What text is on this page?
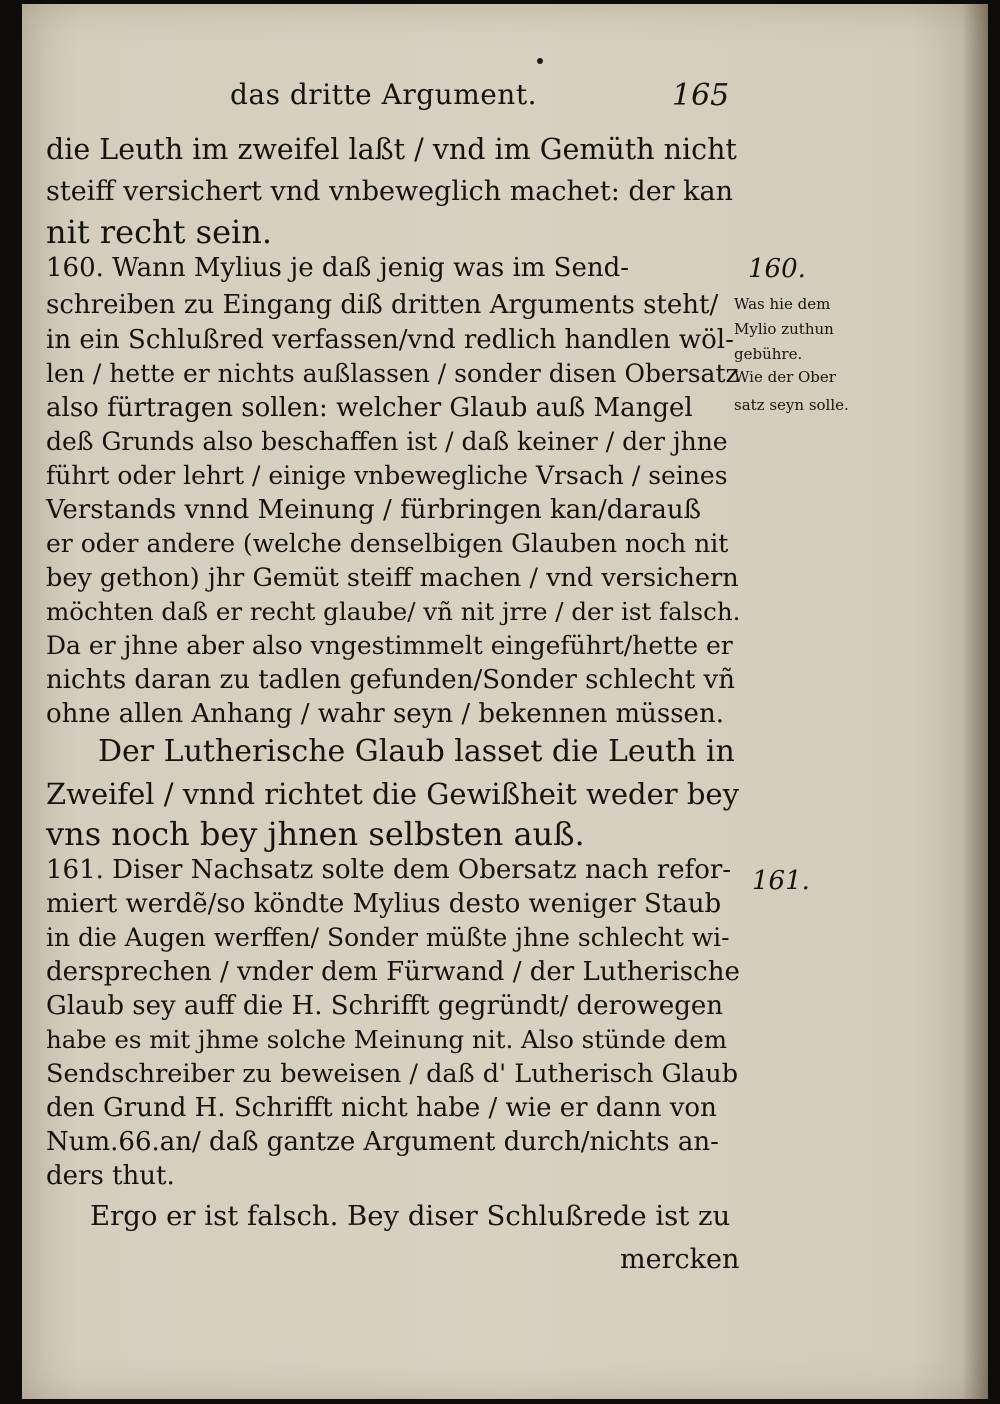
das dritte Argument.	165
die Leuth im zweifel laßt / vnd im Gemüth nicht
steiff versichert vnd vnbeweglich machet: der kan
nit recht sein.
160. Wann Mylius je daß jenig was im Send-
schreiben zu Eingang diß dritten Arguments steht/
in ein Schlußred verfassen/vnd redlich handlen wöl-
len / hette er nichts außlassen / sonder disen Obersatz
also fürtragen sollen: welcher Glaub auß Mangel
deß Grunds also beschaffen ist / daß keiner / der jhne
führt oder lehrt / einige vnbewegliche Vrsach / seines
Verstands vnnd Meinung / fürbringen kan/darauß
er oder andere (welche denselbigen Glauben noch nit
bey gethon) jhr Gemüt steiff machen / vnd versichern
möchten daß er recht glaube/ vñ nit jrre / der ist falsch.
Da er jhne aber also vngestimmelt eingeführt/hette er
nichts daran zu tadlen gefunden/Sonder schlecht vñ
ohne allen Anhang / wahr seyn / bekennen müssen.
Der Lutherische Glaub lasset die Leuth in
Zweifel / vnnd richtet die Gewißheit weder bey
vns noch bey jhnen selbsten auß.
161. Diser Nachsatz solte dem Obersatz nach refor-
miert werdẽ/so köndte Mylius desto weniger Staub
in die Augen werffen/ Sonder müßte jhne schlecht wi-
dersprechen / vnder dem Fürwand / der Lutherische
Glaub sey auff die H. Schrifft gegründt/ derowegen
habe es mit jhme solche Meinung nit. Also stünde dem
Sendschreiber zu beweisen / daß d' Lutherisch Glaub
den Grund H. Schrifft nicht habe / wie er dann von
Num.66.an/ daß gantze Argument durch/nichts an-
ders thut.
Ergo er ist falsch. Bey diser Schlußrede ist zu
mercken
160.
Was hie dem
Mylio zuthun
gebühre.
Wie der Ober
satz seyn solle.
161.
